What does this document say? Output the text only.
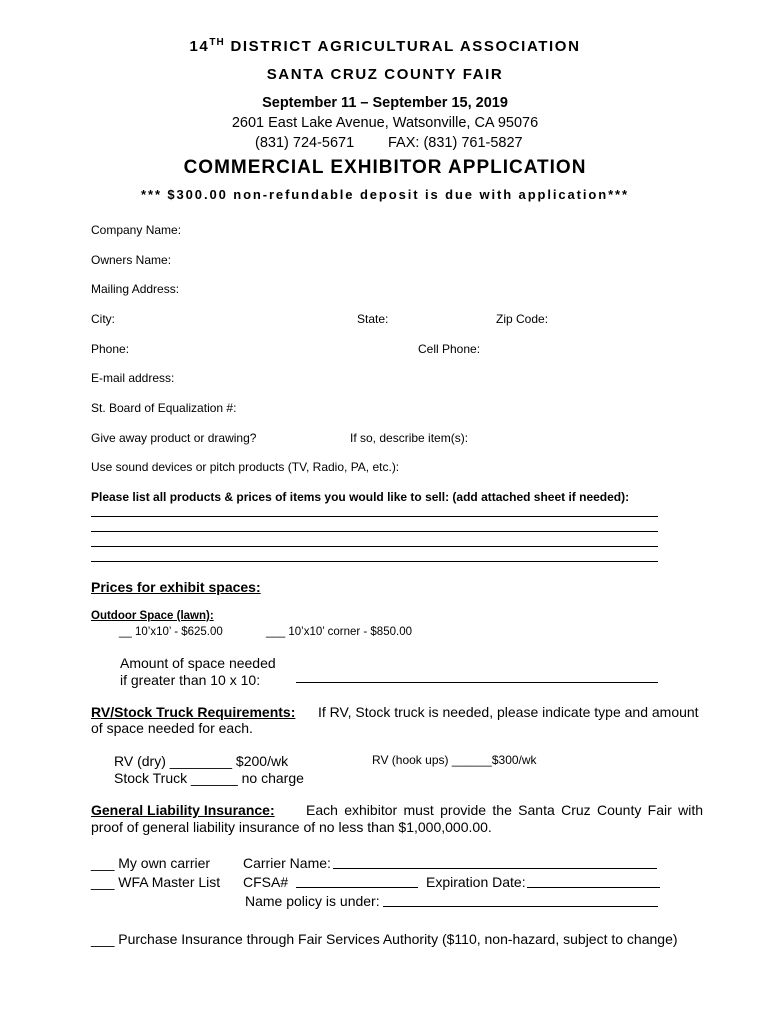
14TH DISTRICT AGRICULTURAL ASSOCIATION
SANTA CRUZ COUNTY FAIR
September 11 – September 15, 2019
2601 East Lake Avenue, Watsonville, CA 95076
(831) 724-5671 FAX: (831) 761-5827
COMMERCIAL EXHIBITOR APPLICATION
*** $300.00 non-refundable deposit is due with application***
Company Name:
Owners Name:
Mailing Address:
City:	State:	Zip Code:
Phone:	Cell Phone:
E-mail address:
St. Board of Equalization #:
Give away product or drawing?	If so, describe item(s):
Use sound devices or pitch products (TV, Radio, PA, etc.):
Please list all products & prices of items you would like to sell: (add attached sheet if needed):
Prices for exhibit spaces:
Outdoor Space (lawn):
__ 10’x10’ - $625.00	___ 10’x10’ corner - $850.00
Amount of space needed
if greater than 10 x 10:
RV/Stock Truck Requirements: If RV, Stock truck is needed, please indicate type and amount
of space needed for each.
RV (dry) ________ $200/wk
Stock Truck ______ no charge
RV (hook ups) ______$300/wk
General Liability Insurance: Each exhibitor must provide the Santa Cruz County Fair with
proof of general liability insurance of no less than $1,000,000.00.
___ My own carrier Carrier Name:
___ WFA Master List CFSA#	Expiration Date:
Name policy is under:
___ Purchase Insurance through Fair Services Authority ($110, non-hazard, subject to change)
